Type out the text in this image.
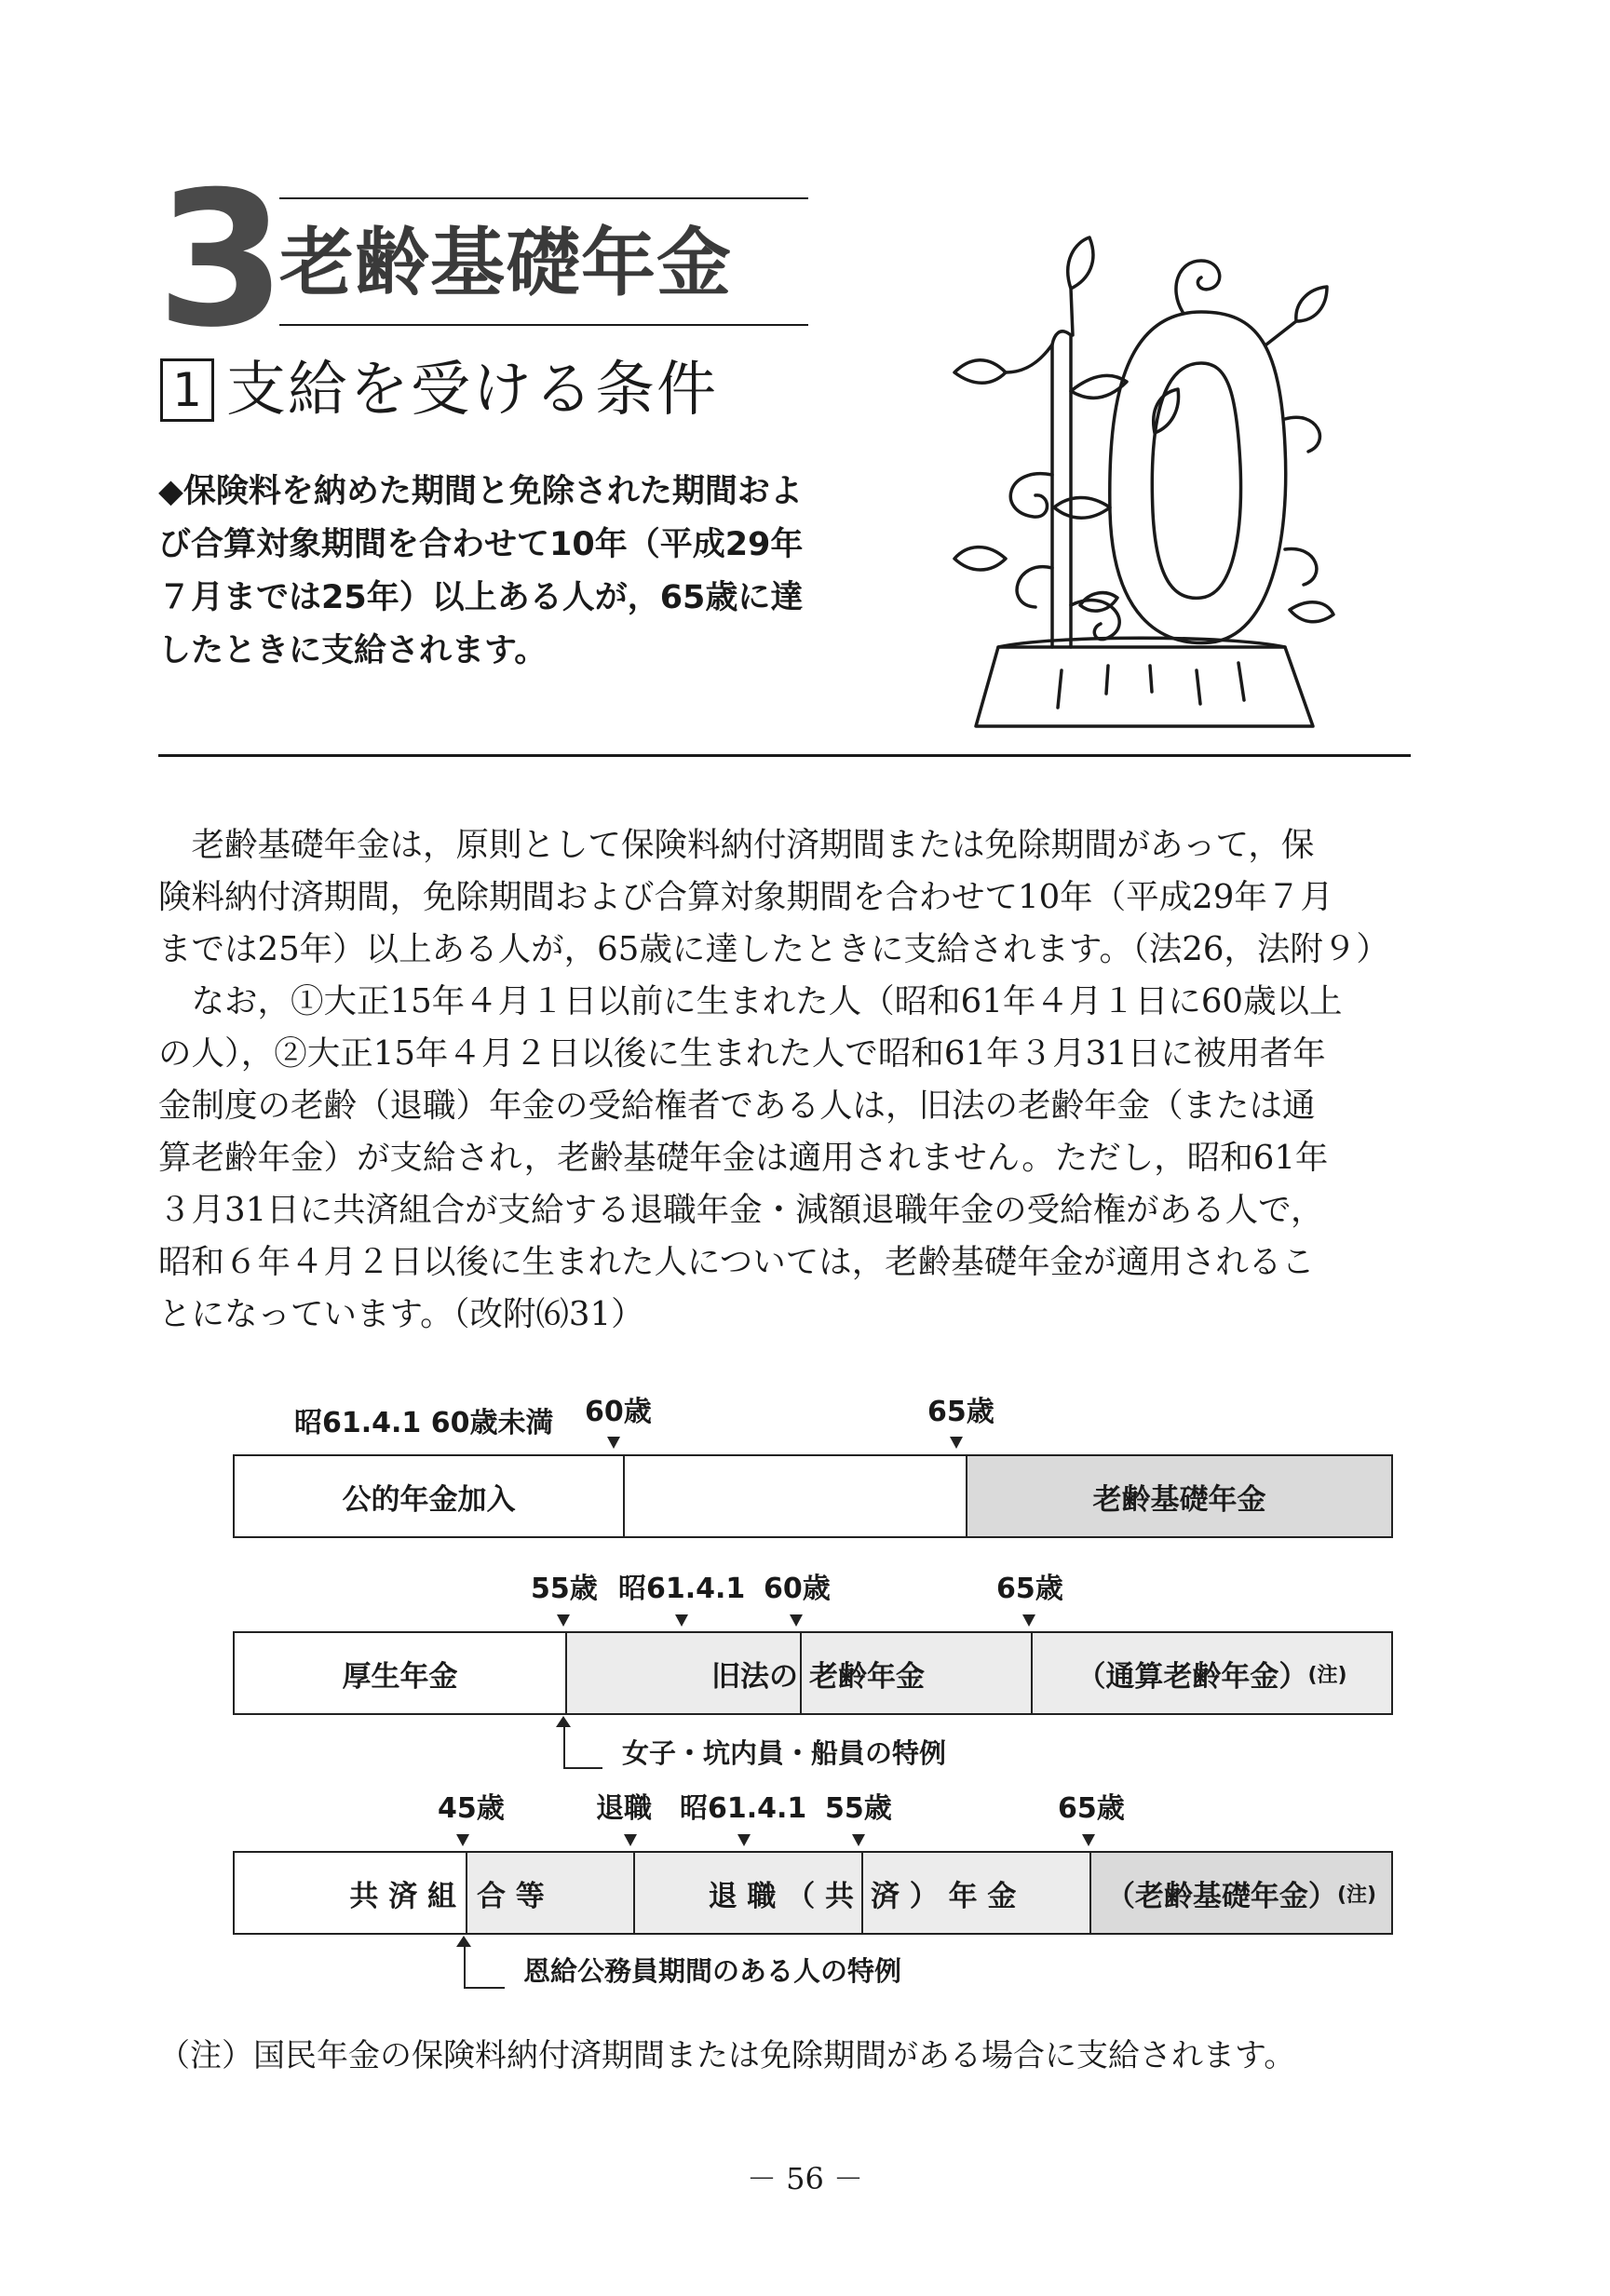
3
老齢基礎年金
1 支給を受ける条件

◆保険料を納めた期間と免除された期間およ

び合算対象期間を合わせて10年（平成29年

７月までは25年）以上ある人が，65歳に達

したときに支給されます。

　老齢基礎年金は，原則として保険料納付済期間または免除期間があって，保

険料納付済期間，免除期間および合算対象期間を合わせて10年（平成29年７月

までは25年）以上ある人が，65歳に達したときに支給されます。（法26，法附９）

　なお，①大正15年４月１日以前に生まれた人（昭和61年４月１日に60歳以上

の人），②大正15年４月２日以後に生まれた人で昭和61年３月31日に被用者年

金制度の老齢（退職）年金の受給権者である人は，旧法の老齢年金（または通

算老齢年金）が支給され，老齢基礎年金は適用されません。ただし，昭和61年

３月31日に共済組合が支給する退職年金・減額退職年金の受給権がある人で，

昭和６年４月２日以後に生まれた人については，老齢基礎年金が適用されるこ

とになっています。（改附⑹31）

昭61.4.1 60歳未満 60歳	65歳
公的年金加入	老齢基礎年金
55歳 昭61.4.1 60歳	65歳
厚生年金	旧法の 老齢年金	（通算老齢年金） (注)
女子・坑内員・船員の特例
45歳	退職 昭61.4.1 55歳	65歳
共 済 組 合 等	退 職 （ 共 済 ） 年 金	（老齢基礎年金） (注)
恩給公務員期間のある人の特例
（注）国民年金の保険料納付済期間または免除期間がある場合に支給されます。
－ 56 －
